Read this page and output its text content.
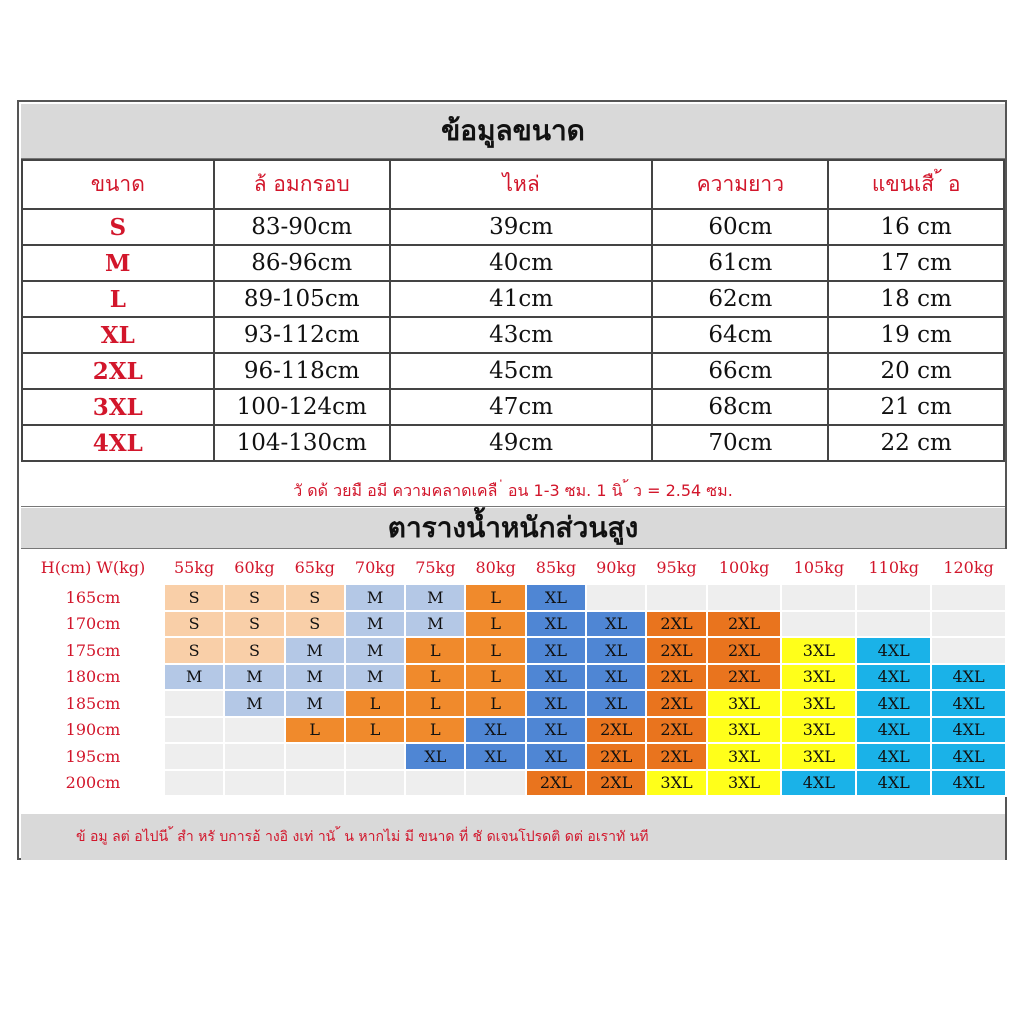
ข้อมูลขนาด
ขนาด	ล้ อมกรอบ	ไหล่	ความยาว	แขนเสื ้ อ
S	83-90cm	39cm	60cm	16 cm
M	86-96cm	40cm	61cm	17 cm
L	89-105cm	41cm	62cm	18 cm
XL	93-112cm	43cm	64cm	19 cm
2XL	96-118cm	45cm	66cm	20 cm
3XL	100-124cm	47cm	68cm	21 cm
4XL	104-130cm	49cm	70cm	22 cm
วั ดด้ วยมื อมี ความคลาดเคลื ่ อน 1-3 ซม. 1 นิ ้ ว = 2.54 ซม.
ตารางน้ำหนักส่วนสูง
H(cm) W(kg)	55kg	60kg	65kg	70kg	75kg	80kg	85kg	90kg	95kg	100kg	105kg	110kg	120kg
165cm	S	S	S	M	M	L	XL						
170cm	S	S	S	M	M	L	XL	XL	2XL	2XL			
175cm	S	S	M	M	L	L	XL	XL	2XL	2XL	3XL	4XL	
180cm	M	M	M	M	L	L	XL	XL	2XL	2XL	3XL	4XL	4XL
185cm		M	M	L	L	L	XL	XL	2XL	3XL	3XL	4XL	4XL
190cm			L	L	L	XL	XL	2XL	2XL	3XL	3XL	4XL	4XL
195cm					XL	XL	XL	2XL	2XL	3XL	3XL	4XL	4XL
200cm							2XL	2XL	3XL	3XL	4XL	4XL	4XL
ข้ อมู ลต่ อไปนี ้ สำ หรั บการอ้ างอิ งเท่ านั ้ น หากไม่ มี ขนาด ที่ ชั ดเจนโปรดติ ดต่ อเราทั นที
